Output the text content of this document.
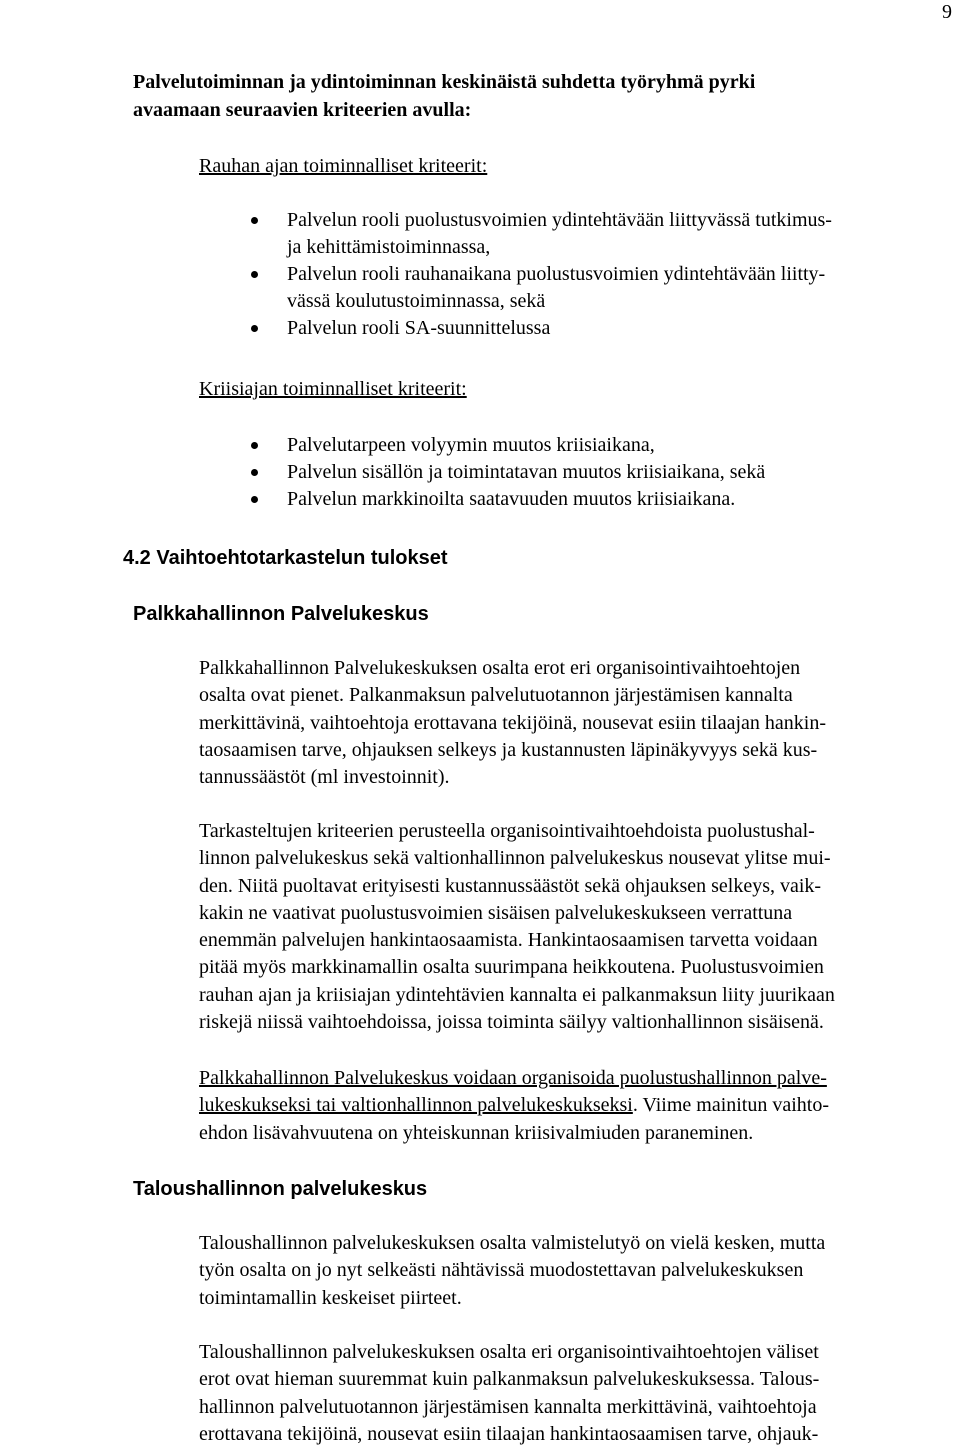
9
Palvelutoiminnan ja ydintoiminnan keskinäistä suhdetta työryhmä pyrki
avaamaan seuraavien kriteerien avulla:
Rauhan ajan toiminnalliset kriteerit:
Palvelun rooli puolustusvoimien ydintehtävään liittyvässä tutkimus-
ja kehittämistoiminnassa,
Palvelun rooli rauhanaikana puolustusvoimien ydintehtävään liitty-
vässä koulutustoiminnassa, sekä
Palvelun rooli SA-suunnittelussa
Kriisiajan toiminnalliset kriteerit:
Palvelutarpeen volyymin muutos kriisiaikana,
Palvelun sisällön ja toimintatavan muutos kriisiaikana, sekä
Palvelun markkinoilta saatavuuden muutos kriisiaikana.
4.2 Vaihtoehtotarkastelun tulokset
Palkkahallinnon Palvelukeskus
Palkkahallinnon Palvelukeskuksen osalta erot eri organisointivaihtoehtojen
osalta ovat pienet. Palkanmaksun palvelutuotannon järjestämisen kannalta
merkittävinä, vaihtoehtoja erottavana tekijöinä, nousevat esiin tilaajan hankin-
taosaamisen tarve, ohjauksen selkeys ja kustannusten läpinäkyvyys sekä kus-
tannussäästöt (ml investoinnit).
Tarkasteltujen kriteerien perusteella organisointivaihtoehdoista puolustushal-
linnon palvelukeskus sekä valtionhallinnon palvelukeskus nousevat ylitse mui-
den. Niitä puoltavat erityisesti kustannussäästöt sekä ohjauksen selkeys, vaik-
kakin ne vaativat puolustusvoimien sisäisen palvelukeskukseen verrattuna
enemmän palvelujen hankintaosaamista. Hankintaosaamisen tarvetta voidaan
pitää myös markkinamallin osalta suurimpana heikkoutena. Puolustusvoimien
rauhan ajan ja kriisiajan ydintehtävien kannalta ei palkanmaksun liity juurikaan
riskejä niissä vaihtoehdoissa, joissa toiminta säilyy valtionhallinnon sisäisenä.
Palkkahallinnon Palvelukeskus voidaan organisoida puolustushallinnon palve-
lukeskukseksi tai valtionhallinnon palvelukeskukseksi. Viime mainitun vaihto-
ehdon lisävahvuutena on yhteiskunnan kriisivalmiuden paraneminen.
Taloushallinnon palvelukeskus
Taloushallinnon palvelukeskuksen osalta valmistelutyö on vielä kesken, mutta
työn osalta on jo nyt selkeästi nähtävissä muodostettavan palvelukeskuksen
toimintamallin keskeiset piirteet.
Taloushallinnon palvelukeskuksen osalta eri organisointivaihtoehtojen väliset
erot ovat hieman suuremmat kuin palkanmaksun palvelukeskuksessa. Talous-
hallinnon palvelutuotannon järjestämisen kannalta merkittävinä, vaihtoehtoja
erottavana tekijöinä, nousevat esiin tilaajan hankintaosaamisen tarve, ohjauk-
